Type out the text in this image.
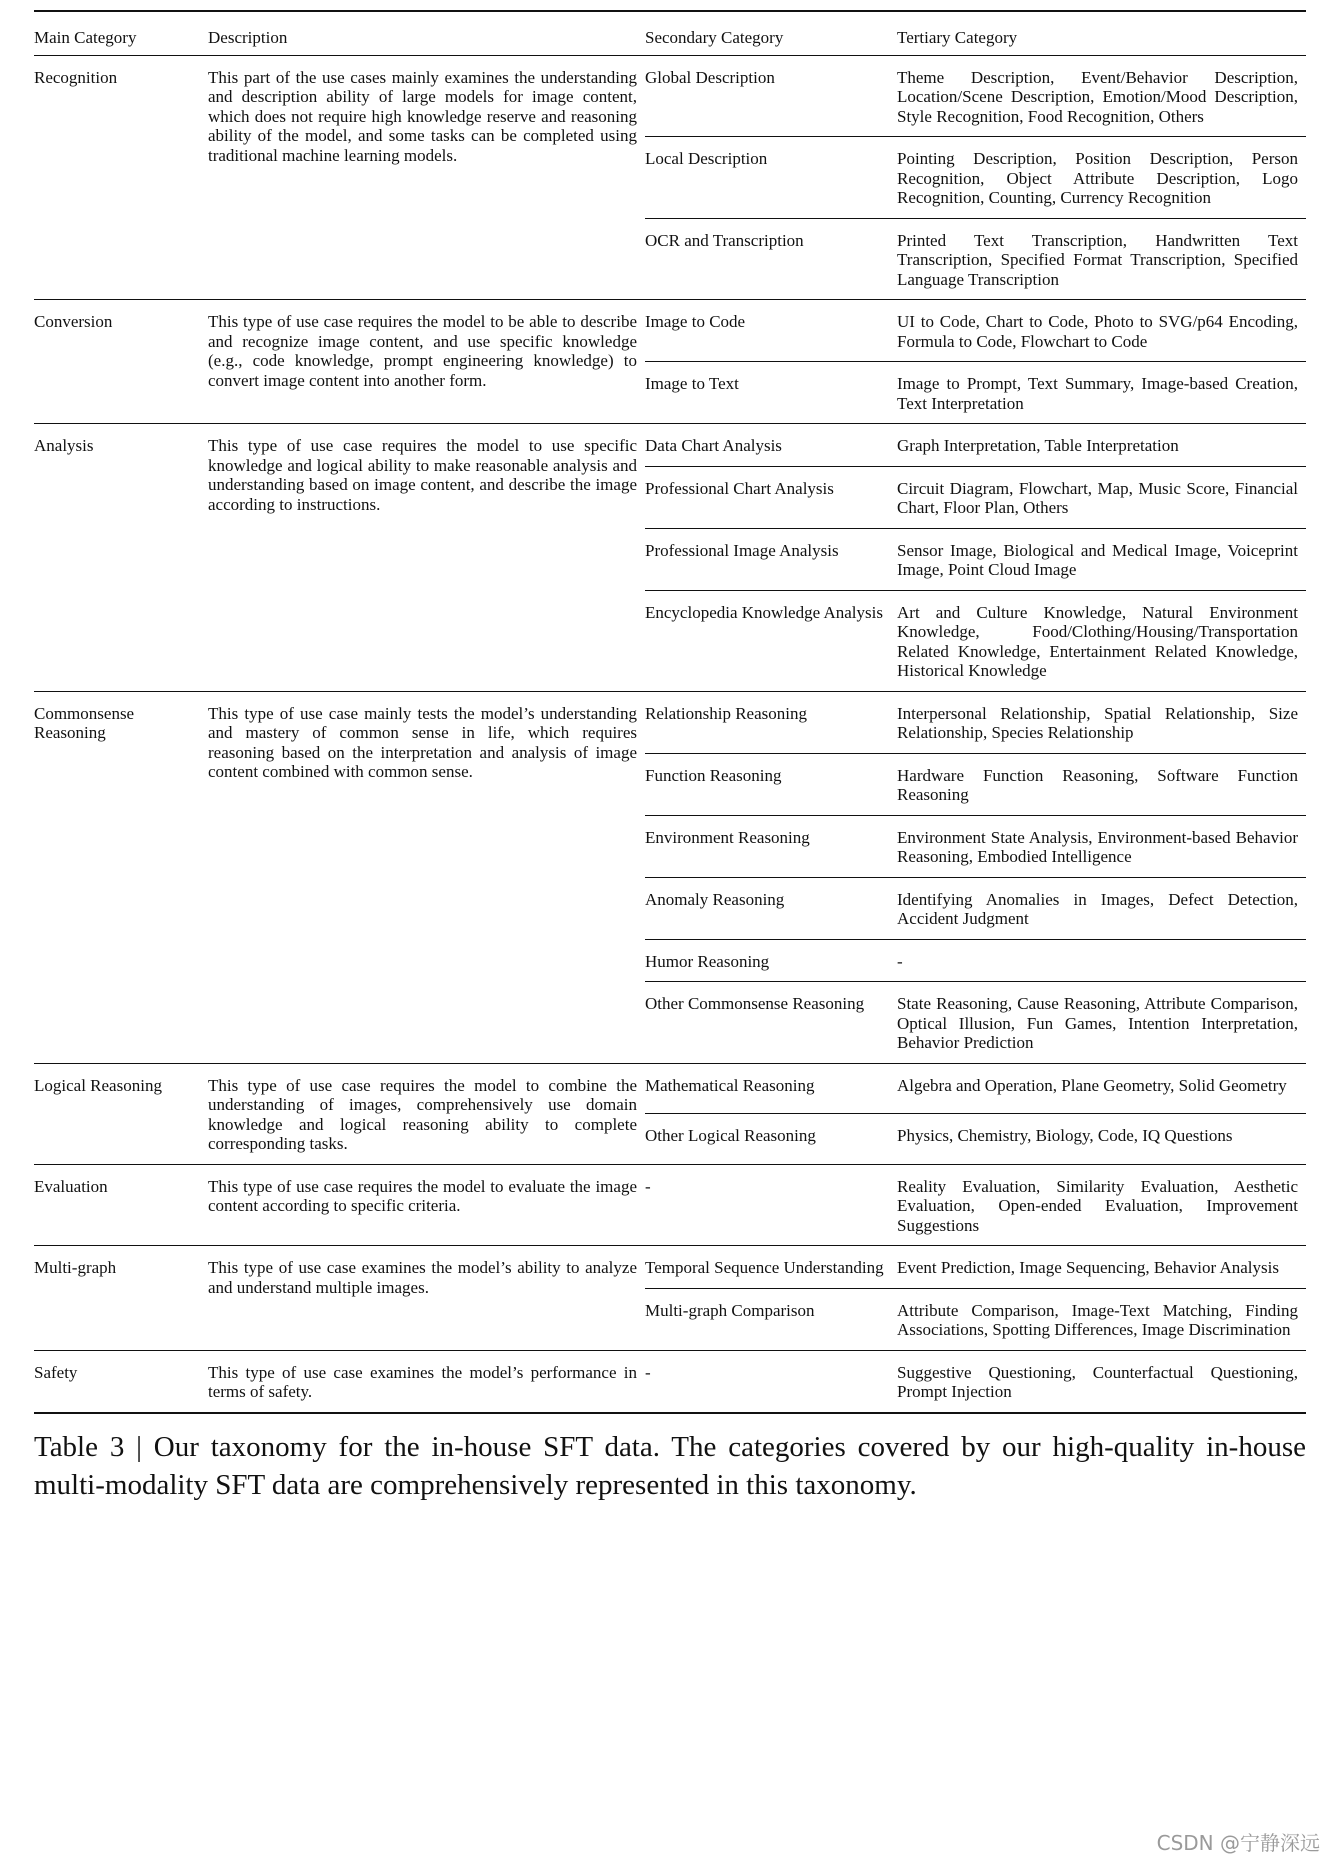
Main Category	Description	Secondary Category	Tertiary Category
Recognition	This part of the use cases mainly examines the understanding and description ability of large models for image content, which does not require high knowledge reserve and reasoning ability of the model, and some tasks can be completed using traditional machine learning models.	Global Description	Theme Description, Event/Behavior Description, Location/Scene Description, Emotion/Mood Description, Style Recognition, Food Recognition, Others
		Local Description	Pointing Description, Position Description, Person Recognition, Object Attribute Description, Logo Recognition, Counting, Currency Recognition
		OCR and Transcription	Printed Text Transcription, Handwritten Text Transcription, Specified Format Transcription, Specified Language Transcription
Conversion	This type of use case requires the model to be able to describe and recognize image content, and use specific knowledge (e.g., code knowledge, prompt engineering knowledge) to convert image content into another form.	Image to Code	UI to Code, Chart to Code, Photo to SVG/p64 Encoding, Formula to Code, Flowchart to Code
		Image to Text	Image to Prompt, Text Summary, Image-based Creation, Text Interpretation
Analysis	This type of use case requires the model to use specific knowledge and logical ability to make reasonable analysis and understanding based on image content, and describe the image according to instructions.	Data Chart Analysis	Graph Interpretation, Table Interpretation
		Professional Chart Analysis	Circuit Diagram, Flowchart, Map, Music Score, Financial Chart, Floor Plan, Others
		Professional Image Analysis	Sensor Image, Biological and Medical Image, Voiceprint Image, Point Cloud Image
		Encyclopedia Knowledge Analysis	Art and Culture Knowledge, Natural Environment Knowledge, Food/Clothing/Housing/Transportation Related Knowledge, Entertainment Related Knowledge, Historical Knowledge
Commonsense Reasoning	This type of use case mainly tests the model’s understanding and mastery of common sense in life, which requires reasoning based on the interpretation and analysis of image content combined with common sense.	Relationship Reasoning	Interpersonal Relationship, Spatial Relationship, Size Relationship, Species Relationship
		Function Reasoning	Hardware Function Reasoning, Software Function Reasoning
		Environment Reasoning	Environment State Analysis, Environment-based Behavior Reasoning, Embodied Intelligence
		Anomaly Reasoning	Identifying Anomalies in Images, Defect Detection, Accident Judgment
		Humor Reasoning	-
		Other Commonsense Reasoning	State Reasoning, Cause Reasoning, Attribute Comparison, Optical Illusion, Fun Games, Intention Interpretation, Behavior Prediction
Logical Reasoning	This type of use case requires the model to combine the understanding of images, comprehensively use domain knowledge and logical reasoning ability to complete corresponding tasks.	Mathematical Reasoning	Algebra and Operation, Plane Geometry, Solid Geometry
		Other Logical Reasoning	Physics, Chemistry, Biology, Code, IQ Questions
Evaluation	This type of use case requires the model to evaluate the image content according to specific criteria.	-	Reality Evaluation, Similarity Evaluation, Aesthetic Evaluation, Open-ended Evaluation, Improvement Suggestions
Multi-graph	This type of use case examines the model’s ability to analyze and understand multiple images.	Temporal Sequence Understanding	Event Prediction, Image Sequencing, Behavior Analysis
		Multi-graph Comparison	Attribute Comparison, Image-Text Matching, Finding Associations, Spotting Differences, Image Discrimination
Safety	This type of use case examines the model’s performance in terms of safety.	-	Suggestive Questioning, Counterfactual Questioning, Prompt Injection
Table 3 | Our taxonomy for the in-house SFT data. The categories covered by our high-quality in-house multi-modality SFT data are comprehensively represented in this taxonomy.
CSDN @宁静深远
